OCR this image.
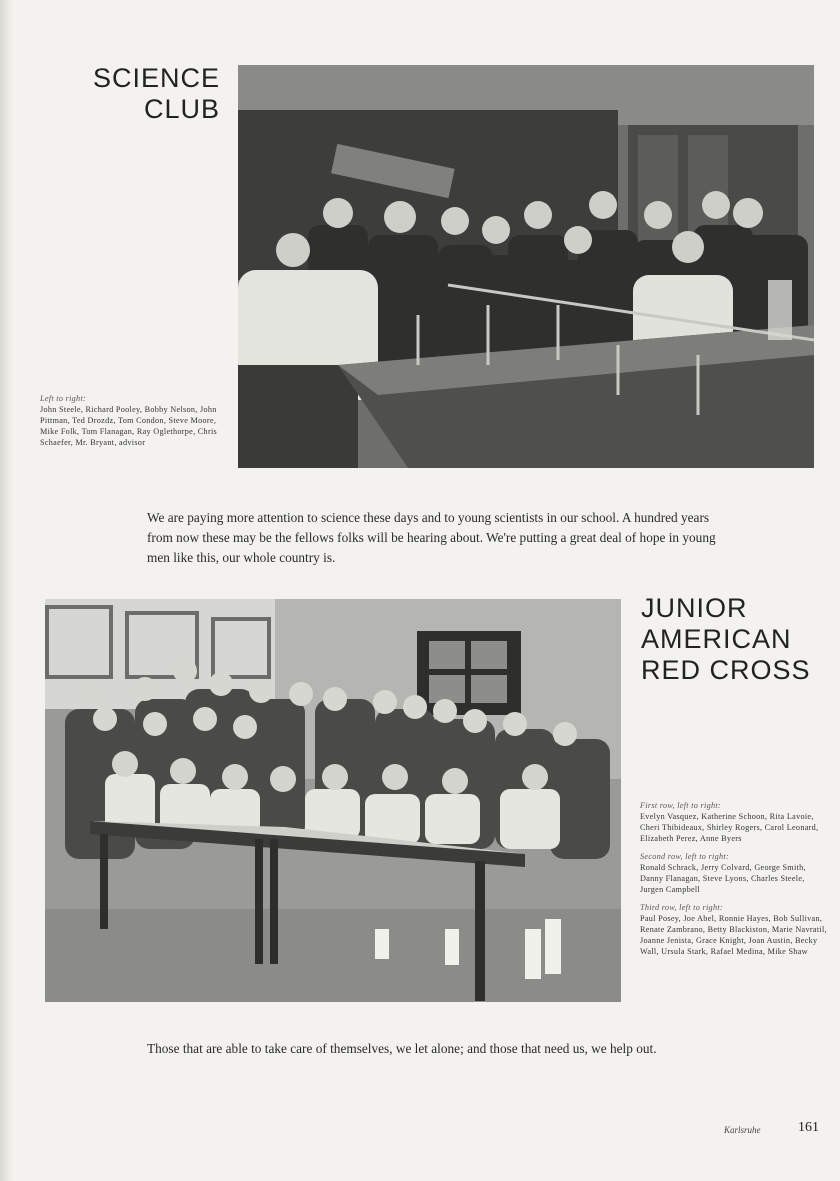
SCIENCE
CLUB
Left to right:
John Steele, Richard Pooley, Bobby Nelson, John Pittman, Ted Drozdz, Tom Condon, Steve Moore, Mike Folk, Tom Flanagan, Ray Oglethorpe, Chris Schaefer, Mr. Bryant, advisor

We are paying more attention to science these days and to young scientists in our school. A hundred years from now these may be the fellows folks will be hearing about. We're putting a great deal of hope in young men like this, our whole country is.

JUNIOR
AMERICAN
RED CROSS
First row, left to right:
Evelyn Vasquez, Katherine Schoon, Rita Lavoie, Cheri Thibideaux, Shirley Rogers, Carol Leonard, Elizabeth Perez, Anne Byers
Second row, left to right:
Ronald Schrack, Jerry Colvard, George Smith, Danny Flanagan, Steve Lyons, Charles Steele, Jurgen Campbell
Third row, left to right:
Paul Posey, Joe Abel, Ronnie Hayes, Bob Sullivan, Renate Zambrano, Betty Blackiston, Marie Navratil, Joanne Jenista, Grace Knight, Joan Austin, Becky Wall, Ursula Stark, Rafael Medina, Mike Shaw

Those that are able to take care of themselves, we let alone; and those that need us, we help out.

Karlsruhe	161
